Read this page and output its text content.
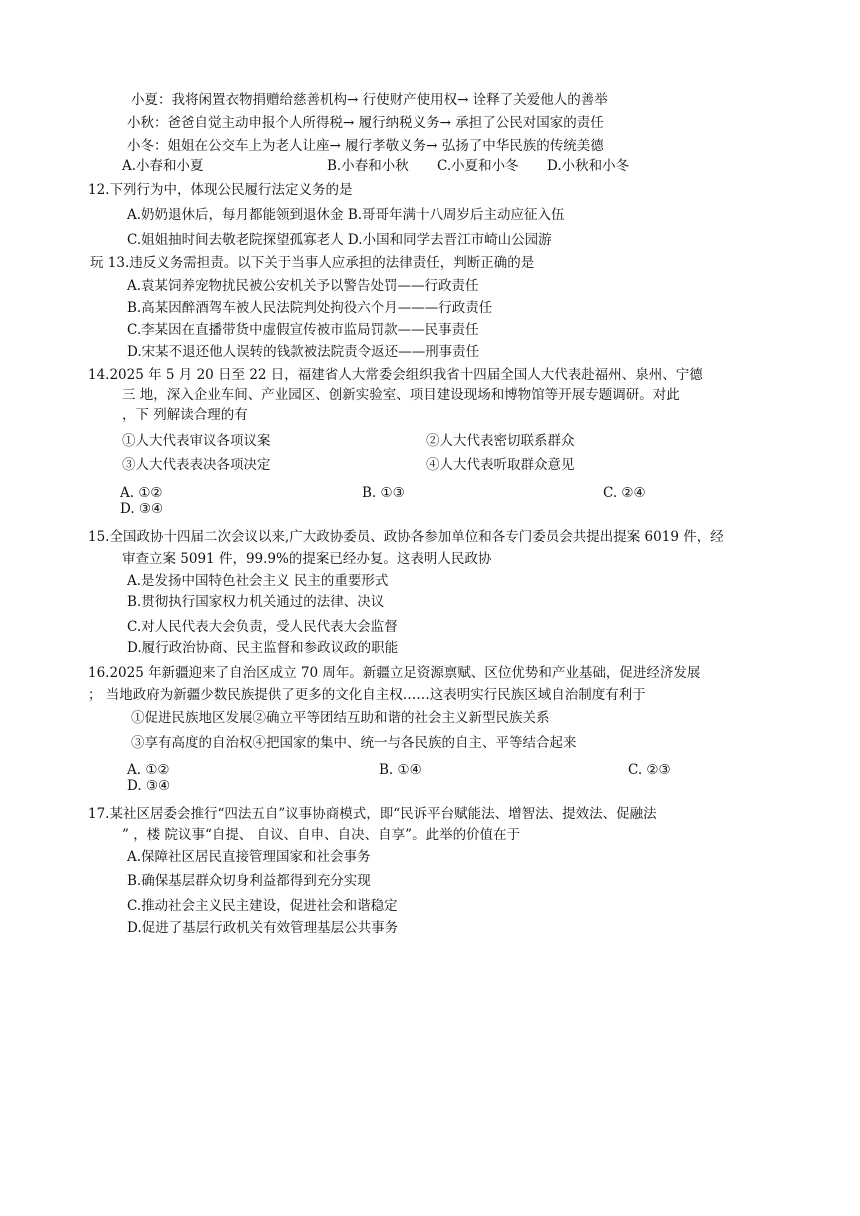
小夏：我将闲置衣物捐赠给慈善机构→ 行使财产使用权→ 诠释了关爱他人的善举
小秋：爸爸自觉主动申报个人所得税→ 履行纳税义务→ 承担了公民对国家的责任
小冬：姐姐在公交车上为老人让座→ 履行孝敬义务→ 弘扬了中华民族的传统美德
A.小春和小夏	B.小春和小秋 C.小夏和小冬 D.小秋和小冬
12.下列行为中，体现公民履行法定义务的是
A.奶奶退休后，每月都能领到退休金 B.哥哥年满十八周岁后主动应征入伍
C.姐姐抽时间去敬老院探望孤寡老人 D.小国和同学去晋江市崎山公园游
玩 13.违反义务需担责。以下关于当事人应承担的法律责任，判断正确的是
A.袁某饲养宠物扰民被公安机关予以警告处罚——行政责任
B.高某因醉酒驾车被人民法院判处拘役六个月———行政责任
C.李某因在直播带货中虚假宣传被市监局罚款——民事责任
D.宋某不退还他人误转的钱款被法院责令返还——刑事责任
14.2025 年 5 月 20 日至 22 日，福建省人大常委会组织我省十四届全国人大代表赴福州、泉州、宁德
三 地，深入企业车间、产业园区、创新实验室、项目建设现场和博物馆等开展专题调研。对此
，下 列解读合理的有
①人大代表审议各项议案	②人大代表密切联系群众
③人大代表表决各项决定	④人大代表听取群众意见
A. ①②	B. ①③	C. ②④
D. ③④
15.全国政协十四届二次会议以来,广大政协委员、政协各参加单位和各专门委员会共提出提案 6019 件，经
审查立案 5091 件，99.9%的提案已经办复。这表明人民政协
A.是发扬中国特色社会主义 民主的重要形式
B.贯彻执行国家权力机关通过的法律、决议
C.对人民代表大会负责，受人民代表大会监督
D.履行政治协商、民主监督和参政议政的职能
16.2025 年新疆迎来了自治区成立 70 周年。新疆立足资源禀赋、区位优势和产业基础，促进经济发展
； 当地政府为新疆少数民族提供了更多的文化自主权……这表明实行民族区域自治制度有利于
①促进民族地区发展②确立平等团结互助和谐的社会主义新型民族关系
③享有高度的自治权④把国家的集中、统一与各民族的自主、平等结合起来
A. ①②	B. ①④	C. ②③
D. ③④
17.某社区居委会推行“四法五自”议事协商模式，即“民诉平台赋能法、增智法、提效法、促融法
” ，楼 院议事“自提、 自议、自申、自决、自享”。此举的价值在于
A.保障社区居民直接管理国家和社会事务
B.确保基层群众切身利益都得到充分实现
C.推动社会主义民主建设，促进社会和谐稳定
D.促进了基层行政机关有效管理基层公共事务
